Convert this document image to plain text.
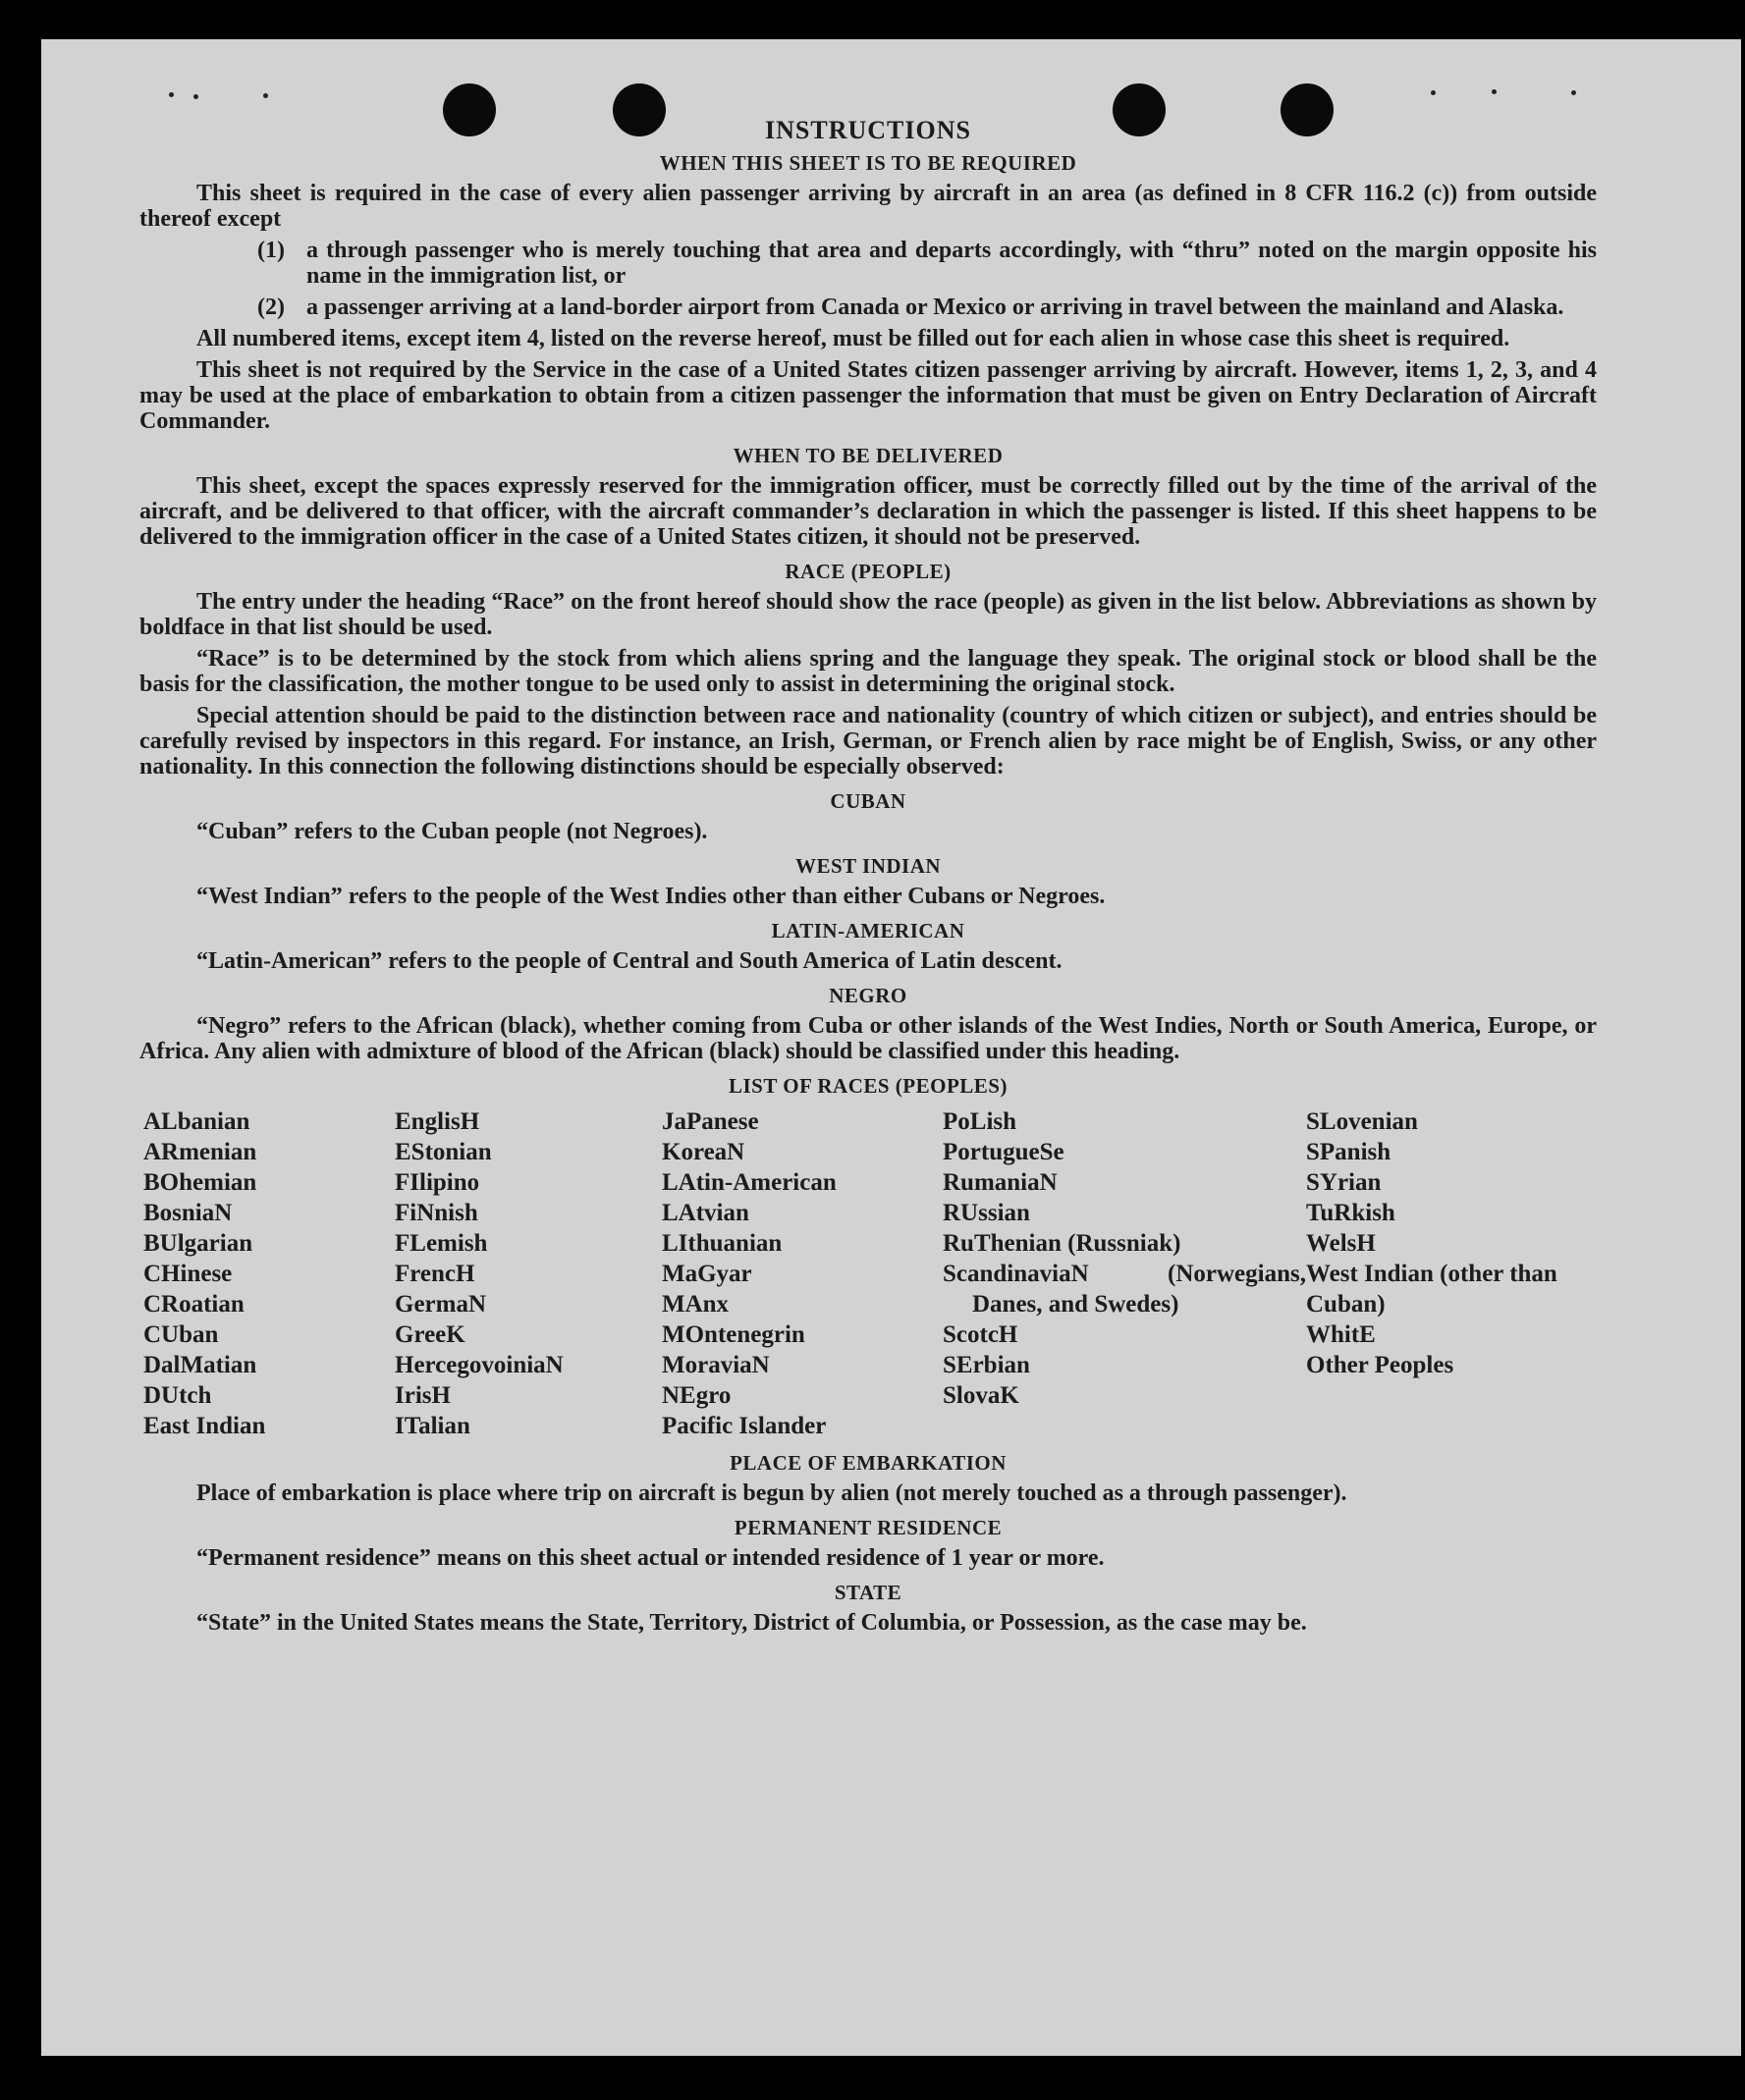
INSTRUCTIONS
WHEN THIS SHEET IS TO BE REQUIRED

This sheet is required in the case of every alien passenger arriving by aircraft in an area (as defined in 8 CFR 116.2 (c)) from outside thereof except

(1) a through passenger who is merely touching that area and departs accordingly, with “thru” noted on the margin opposite his name in the immigration list, or
(2) a passenger arriving at a land-border airport from Canada or Mexico or arriving in travel between the mainland and Alaska.

All numbered items, except item 4, listed on the reverse hereof, must be filled out for each alien in whose case this sheet is required.

This sheet is not required by the Service in the case of a United States citizen passenger arriving by aircraft. However, items 1, 2, 3, and 4 may be used at the place of embarkation to obtain from a citizen passenger the information that must be given on Entry Declaration of Aircraft Commander.

WHEN TO BE DELIVERED

This sheet, except the spaces expressly reserved for the immigration officer, must be correctly filled out by the time of the arrival of the aircraft, and be delivered to that officer, with the aircraft commander’s declaration in which the passenger is listed. If this sheet happens to be delivered to the immigration officer in the case of a United States citizen, it should not be preserved.

RACE (PEOPLE)

The entry under the heading “Race” on the front hereof should show the race (people) as given in the list below. Abbreviations as shown by boldface in that list should be used.

“Race” is to be determined by the stock from which aliens spring and the language they speak. The original stock or blood shall be the basis for the classification, the mother tongue to be used only to assist in determining the original stock.

Special attention should be paid to the distinction between race and nationality (country of which citizen or subject), and entries should be carefully revised by inspectors in this regard. For instance, an Irish, German, or French alien by race might be of English, Swiss, or any other nationality. In this connection the following distinctions should be especially observed:

CUBAN

“Cuban” refers to the Cuban people (not Negroes).

WEST INDIAN

“West Indian” refers to the people of the West Indies other than either Cubans or Negroes.

LATIN-AMERICAN

“Latin-American” refers to the people of Central and South America of Latin descent.

NEGRO

“Negro” refers to the African (black), whether coming from Cuba or other islands of the West Indies, North or South America, Europe, or Africa. Any alien with admixture of blood of the African (black) should be classified under this heading.

LIST OF RACES (PEOPLES)
ALbanian
ARmenian
BOhemian
BosniaN
BUlgarian
CHinese
CRoatian
CUban
DalMatian
DUtch
East Indian
EnglisH
EStonian
FIlipino
FiNnish
FLemish
FrencH
GermaN
GreeK
HercegovoiniaN
IrisH
ITalian
JaPanese
KoreaN
LAtin-American
LAtvian
LIthuanian
MaGyar
MAnx
MOntenegrin
MoraviaN
NEgro
Pacific Islander
PoLish
PortugueSe
RumaniaN
RUssian
RuThenian (Russniak)
ScandinaviaN (Norwegians, Danes, and Swedes)
ScotcH
SErbian
SlovaK
SLovenian
SPanish
SYrian
TuRkish
WelsH
West Indian (other than Cuban)
WhitE
Other Peoples
PLACE OF EMBARKATION

Place of embarkation is place where trip on aircraft is begun by alien (not merely touched as a through passenger).

PERMANENT RESIDENCE

“Permanent residence” means on this sheet actual or intended residence of 1 year or more.

STATE

“State” in the United States means the State, Territory, District of Columbia, or Possession, as the case may be.
